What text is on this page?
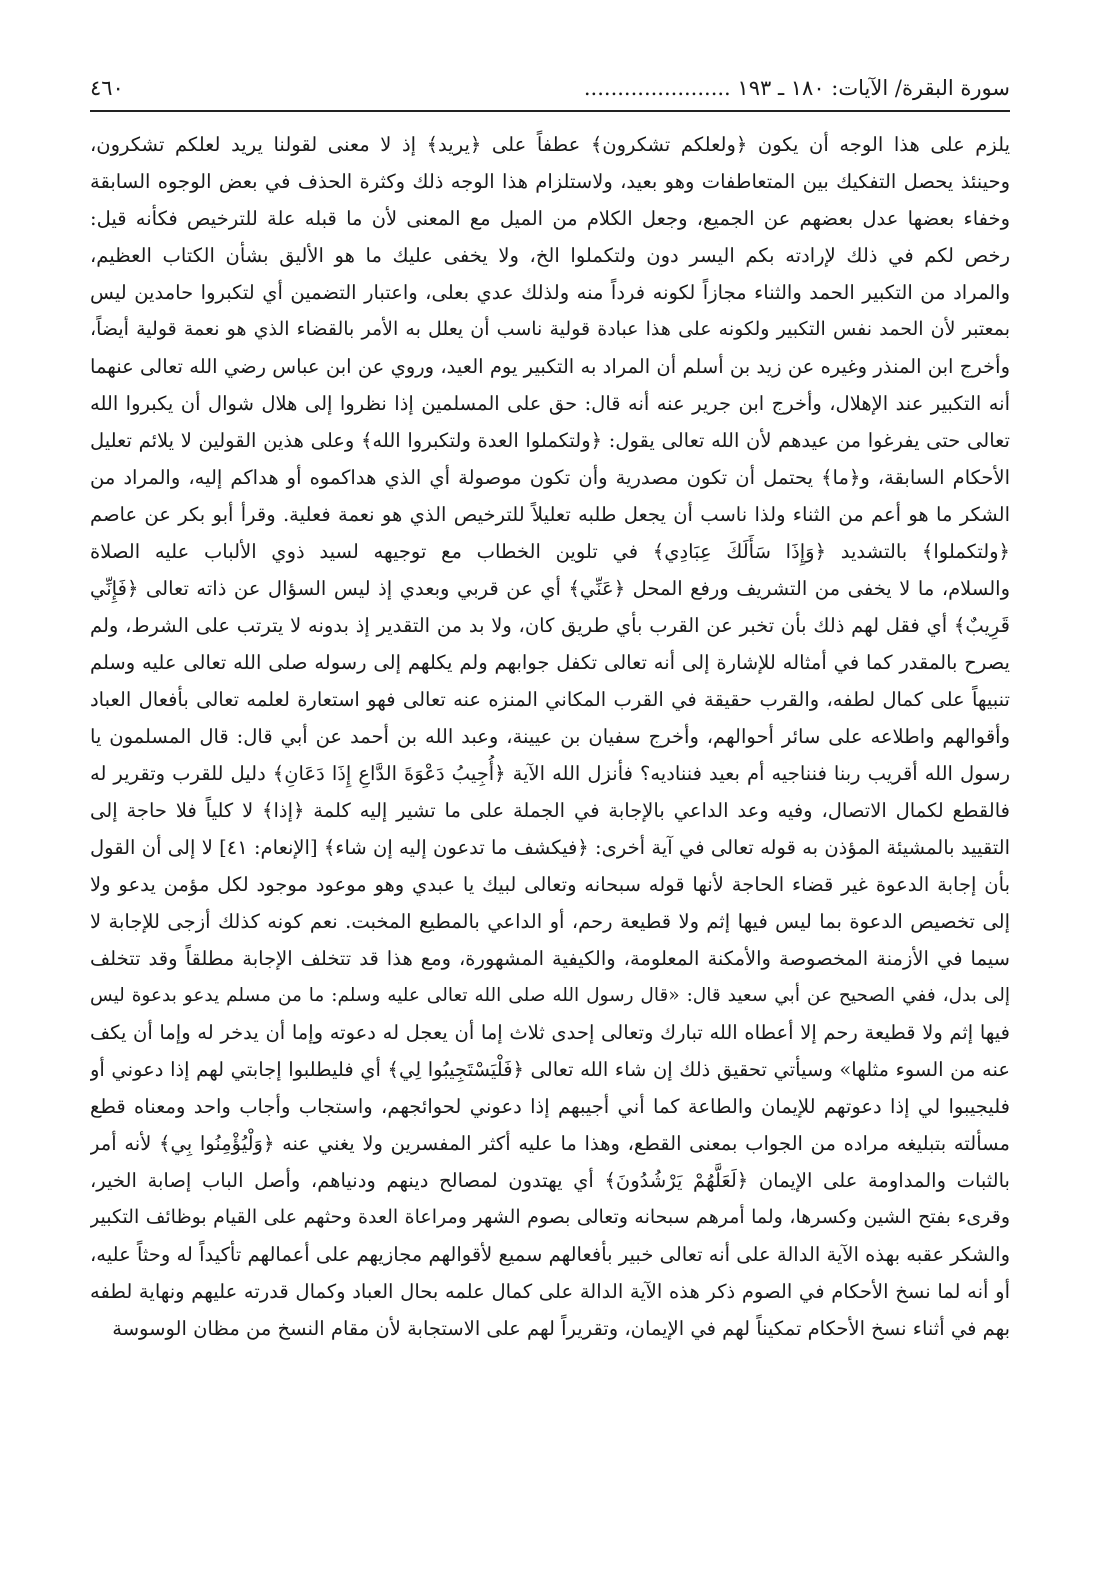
سورة البقرة/ الآيات: ١٨٠ ـ ١٩٣ ......................
٤٦٠
يلزم على هذا الوجه أن يكون ﴿ولعلكم تشكرون﴾ عطفاً على ﴿يريد﴾ إذ لا معنى لقولنا يريد لعلكم تشكرون،
وحينئذ يحصل التفكيك بين المتعاطفات وهو بعيد، ولاستلزام هذا الوجه ذلك وكثرة الحذف في بعض الوجوه السابقة
وخفاء بعضها عدل بعضهم عن الجميع، وجعل الكلام من الميل مع المعنى لأن ما قبله علة للترخيص فكأنه قيل:
رخص لكم في ذلك لإرادته بكم اليسر دون ولتكملوا الخ، ولا يخفى عليك ما هو الأليق بشأن الكتاب العظيم،
والمراد من التكبير الحمد والثناء مجازاً لكونه فرداً منه ولذلك عدي بعلى، واعتبار التضمين أي لتكبروا حامدين ليس
بمعتبر لأن الحمد نفس التكبير ولكونه على هذا عبادة قولية ناسب أن يعلل به الأمر بالقضاء الذي هو نعمة قولية أيضاً،
وأخرج ابن المنذر وغيره عن زيد بن أسلم أن المراد به التكبير يوم العيد، وروي عن ابن عباس رضي الله تعالى عنهما
أنه التكبير عند الإهلال، وأخرج ابن جرير عنه أنه قال: حق على المسلمين إذا نظروا إلى هلال شوال أن يكبروا الله
تعالى حتى يفرغوا من عيدهم لأن الله تعالى يقول: ﴿ولتكملوا العدة ولتكبروا الله﴾ وعلى هذين القولين لا يلائم تعليل
الأحكام السابقة، و﴿ما﴾ يحتمل أن تكون مصدرية وأن تكون موصولة أي الذي هداكموه أو هداكم إليه، والمراد من
الشكر ما هو أعم من الثناء ولذا ناسب أن يجعل طلبه تعليلاً للترخيص الذي هو نعمة فعلية. وقرأ أبو بكر عن عاصم
﴿ولتكملوا﴾ بالتشديد ﴿وَإِذَا سَأَلَكَ عِبَادِي﴾ في تلوين الخطاب مع توجيهه لسيد ذوي الألباب عليه الصلاة
والسلام، ما لا يخفى من التشريف ورفع المحل ﴿عَنِّي﴾ أي عن قربي وبعدي إذ ليس السؤال عن ذاته تعالى ﴿فَإِنِّي
قَرِيبٌ﴾ أي فقل لهم ذلك بأن تخبر عن القرب بأي طريق كان، ولا بد من التقدير إذ بدونه لا يترتب على الشرط، ولم
يصرح بالمقدر كما في أمثاله للإشارة إلى أنه تعالى تكفل جوابهم ولم يكلهم إلى رسوله صلى الله تعالى عليه وسلم
تنبيهاً على كمال لطفه، والقرب حقيقة في القرب المكاني المنزه عنه تعالى فهو استعارة لعلمه تعالى بأفعال العباد
وأقوالهم واطلاعه على سائر أحوالهم، وأخرج سفيان بن عيينة، وعبد الله بن أحمد عن أبي قال: قال المسلمون يا
رسول الله أقريب ربنا فنناجيه أم بعيد فنناديه؟ فأنزل الله الآية ﴿أُجِيبُ دَعْوَةَ الدَّاعِ إِذَا دَعَانِ﴾ دليل للقرب وتقرير له
فالقطع لكمال الاتصال، وفيه وعد الداعي بالإجابة في الجملة على ما تشير إليه كلمة ﴿إذا﴾ لا كلياً فلا حاجة إلى
التقييد بالمشيئة المؤذن به قوله تعالى في آية أخرى: ﴿فيكشف ما تدعون إليه إن شاء﴾ [الإنعام: ٤١] لا إلى أن القول
بأن إجابة الدعوة غير قضاء الحاجة لأنها قوله سبحانه وتعالى لبيك يا عبدي وهو موعود موجود لكل مؤمن يدعو ولا
إلى تخصيص الدعوة بما ليس فيها إثم ولا قطيعة رحم، أو الداعي بالمطيع المخبت. نعم كونه كذلك أزجى للإجابة لا
سيما في الأزمنة المخصوصة والأمكنة المعلومة، والكيفية المشهورة، ومع هذا قد تتخلف الإجابة مطلقاً وقد تتخلف
إلى بدل، ففي الصحيح عن أبي سعيد قال: «قال رسول الله صلى الله تعالى عليه وسلم: ما من مسلم يدعو بدعوة ليس
فيها إثم ولا قطيعة رحم إلا أعطاه الله تبارك وتعالى إحدى ثلاث إما أن يعجل له دعوته وإما أن يدخر له وإما أن يكف
عنه من السوء مثلها» وسيأتي تحقيق ذلك إن شاء الله تعالى ﴿فَلْيَسْتَجِيبُوا لِي﴾ أي فليطلبوا إجابتي لهم إذا دعوني أو
فليجيبوا لي إذا دعوتهم للإيمان والطاعة كما أني أجيبهم إذا دعوني لحوائجهم، واستجاب وأجاب واحد ومعناه قطع
مسألته بتبليغه مراده من الجواب بمعنى القطع، وهذا ما عليه أكثر المفسرين ولا يغني عنه ﴿وَلْيُؤْمِنُوا بِي﴾ لأنه أمر
بالثبات والمداومة على الإيمان ﴿لَعَلَّهُمْ يَرْشُدُونَ﴾ أي يهتدون لمصالح دينهم ودنياهم، وأصل الباب إصابة الخير،
وقرىء بفتح الشين وكسرها، ولما أمرهم سبحانه وتعالى بصوم الشهر ومراعاة العدة وحثهم على القيام بوظائف التكبير
والشكر عقبه بهذه الآية الدالة على أنه تعالى خبير بأفعالهم سميع لأقوالهم مجازيهم على أعمالهم تأكيداً له وحثاً عليه،
أو أنه لما نسخ الأحكام في الصوم ذكر هذه الآية الدالة على كمال علمه بحال العباد وكمال قدرته عليهم ونهاية لطفه
بهم في أثناء نسخ الأحكام تمكيناً لهم في الإيمان، وتقريراً لهم على الاستجابة لأن مقام النسخ من مظان الوسوسة
